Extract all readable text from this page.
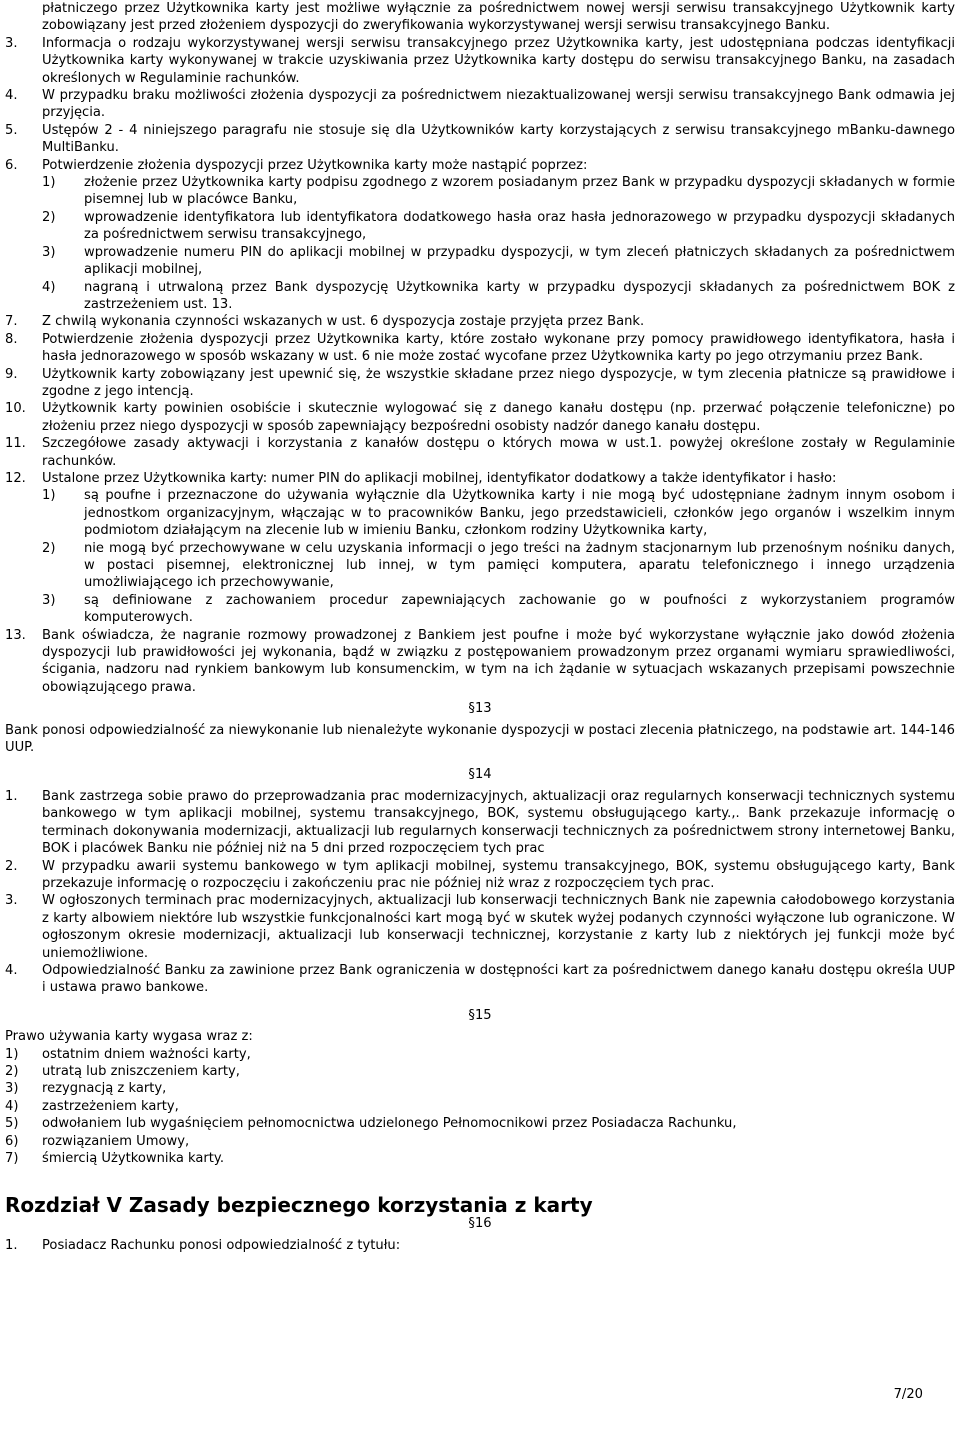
płatniczego przez Użytkownika karty jest możliwe wyłącznie za pośrednictwem nowej wersji serwisu transakcyjnego Użytkownik karty zobowiązany jest przed złożeniem dyspozycji do zweryfikowania wykorzystywanej wersji serwisu transakcyjnego Banku.

3.	Informacja o rodzaju wykorzystywanej wersji serwisu transakcyjnego przez Użytkownika karty, jest udostępniana podczas identyfikacji Użytkownika karty wykonywanej w trakcie uzyskiwania przez Użytkownika karty dostępu do serwisu transakcyjnego Banku, na zasadach określonych w Regulaminie rachunków.
4.	W przypadku braku możliwości złożenia dyspozycji za pośrednictwem niezaktualizowanej wersji serwisu transakcyjnego Bank odmawia jej przyjęcia.
5.	Ustępów 2 - 4 niniejszego paragrafu nie stosuje się dla Użytkowników karty korzystających z serwisu transakcyjnego mBanku-dawnego MultiBanku.
6.	Potwierdzenie złożenia dyspozycji przez Użytkownika karty może nastąpić poprzez:
1)	złożenie przez Użytkownika karty podpisu zgodnego z wzorem posiadanym przez Bank w przypadku dyspozycji składanych w formie pisemnej lub w placówce Banku,
2)	wprowadzenie identyfikatora lub identyfikatora dodatkowego hasła oraz hasła jednorazowego w przypadku dyspozycji składanych za pośrednictwem serwisu transakcyjnego,
3)	wprowadzenie numeru PIN do aplikacji mobilnej w przypadku dyspozycji, w tym zleceń płatniczych składanych za pośrednictwem aplikacji mobilnej,
4)	nagraną i utrwaloną przez Bank dyspozycję Użytkownika karty w przypadku dyspozycji składanych za pośrednictwem BOK z zastrzeżeniem ust. 13.
7.	Z chwilą wykonania czynności wskazanych w ust. 6 dyspozycja zostaje przyjęta przez Bank.
8.	Potwierdzenie złożenia dyspozycji przez Użytkownika karty, które zostało wykonane przy pomocy prawidłowego identyfikatora, hasła i hasła jednorazowego w sposób wskazany w ust. 6 nie może zostać wycofane przez Użytkownika karty po jego otrzymaniu przez Bank.
9.	Użytkownik karty zobowiązany jest upewnić się, że wszystkie składane przez niego dyspozycje, w tym zlecenia płatnicze są prawidłowe i zgodne z jego intencją.
10.	Użytkownik karty powinien osobiście i skutecznie wylogować się z danego kanału dostępu (np. przerwać połączenie telefoniczne) po złożeniu przez niego dyspozycji w sposób zapewniający bezpośredni osobisty nadzór danego kanału dostępu.
11.	Szczegółowe zasady aktywacji i korzystania z kanałów dostępu o których mowa w ust.1. powyżej określone zostały w Regulaminie rachunków.
12.	Ustalone przez Użytkownika karty: numer PIN do aplikacji mobilnej, identyfikator dodatkowy a także identyfikator i hasło:
1)	są poufne i przeznaczone do używania wyłącznie dla Użytkownika karty i nie mogą być udostępniane żadnym innym osobom i jednostkom organizacyjnym, włączając w to pracowników Banku, jego przedstawicieli, członków jego organów i wszelkim innym podmiotom działającym na zlecenie lub w imieniu Banku, członkom rodziny Użytkownika karty,
2)	nie mogą być przechowywane w celu uzyskania informacji o jego treści na żadnym stacjonarnym lub przenośnym nośniku danych, w postaci pisemnej, elektronicznej lub innej, w tym pamięci komputera, aparatu telefonicznego i innego urządzenia umożliwiającego ich przechowywanie,
3)	są definiowane z zachowaniem procedur zapewniających zachowanie go w poufności z wykorzystaniem programów komputerowych.
13.	Bank oświadcza, że nagranie rozmowy prowadzonej z Bankiem jest poufne i może być wykorzystane wyłącznie jako dowód złożenia dyspozycji lub prawidłowości jej wykonania, bądź w związku z postępowaniem prowadzonym przez organami wymiaru sprawiedliwości, ścigania, nadzoru nad rynkiem bankowym lub konsumenckim, w tym na ich żądanie w sytuacjach wskazanych przepisami powszechnie obowiązującego prawa.
§13

Bank ponosi odpowiedzialność za niewykonanie lub nienależyte wykonanie dyspozycji w postaci zlecenia płatniczego, na podstawie art. 144-146 UUP.

§14
1.	Bank zastrzega sobie prawo do przeprowadzania prac modernizacyjnych, aktualizacji oraz regularnych konserwacji technicznych systemu bankowego w tym aplikacji mobilnej, systemu transakcyjnego, BOK, systemu obsługującego karty.,. Bank przekazuje informację o terminach dokonywania modernizacji, aktualizacji lub regularnych konserwacji technicznych za pośrednictwem strony internetowej Banku, BOK i placówek Banku nie później niż na 5 dni przed rozpoczęciem tych prac
2.	W przypadku awarii systemu bankowego w tym aplikacji mobilnej, systemu transakcyjnego, BOK, systemu obsługującego karty, Bank przekazuje informację o rozpoczęciu i zakończeniu prac nie później niż wraz z rozpoczęciem tych prac.
3.	W ogłoszonych terminach prac modernizacyjnych, aktualizacji lub konserwacji technicznych Bank nie zapewnia całodobowego korzystania z karty albowiem niektóre lub wszystkie funkcjonalności kart mogą być w skutek wyżej podanych czynności wyłączone lub ograniczone. W ogłoszonym okresie modernizacji, aktualizacji lub konserwacji technicznej, korzystanie z karty lub z niektórych jej funkcji może być uniemożliwione.
4.	Odpowiedzialność Banku za zawinione przez Bank ograniczenia w dostępności kart za pośrednictwem danego kanału dostępu określa UUP i ustawa prawo bankowe.
§15

Prawo używania karty wygasa wraz z:

1)	ostatnim dniem ważności karty,
2)	utratą lub zniszczeniem karty,
3)	rezygnacją z karty,
4)	zastrzeżeniem karty,
5)	odwołaniem lub wygaśnięciem pełnomocnictwa udzielonego Pełnomocnikowi przez Posiadacza Rachunku,
6)	rozwiązaniem Umowy,
7)	śmiercią Użytkownika karty.
Rozdział V Zasady bezpiecznego korzystania z karty
§16
1.	Posiadacz Rachunku ponosi odpowiedzialność z tytułu:
7/20
